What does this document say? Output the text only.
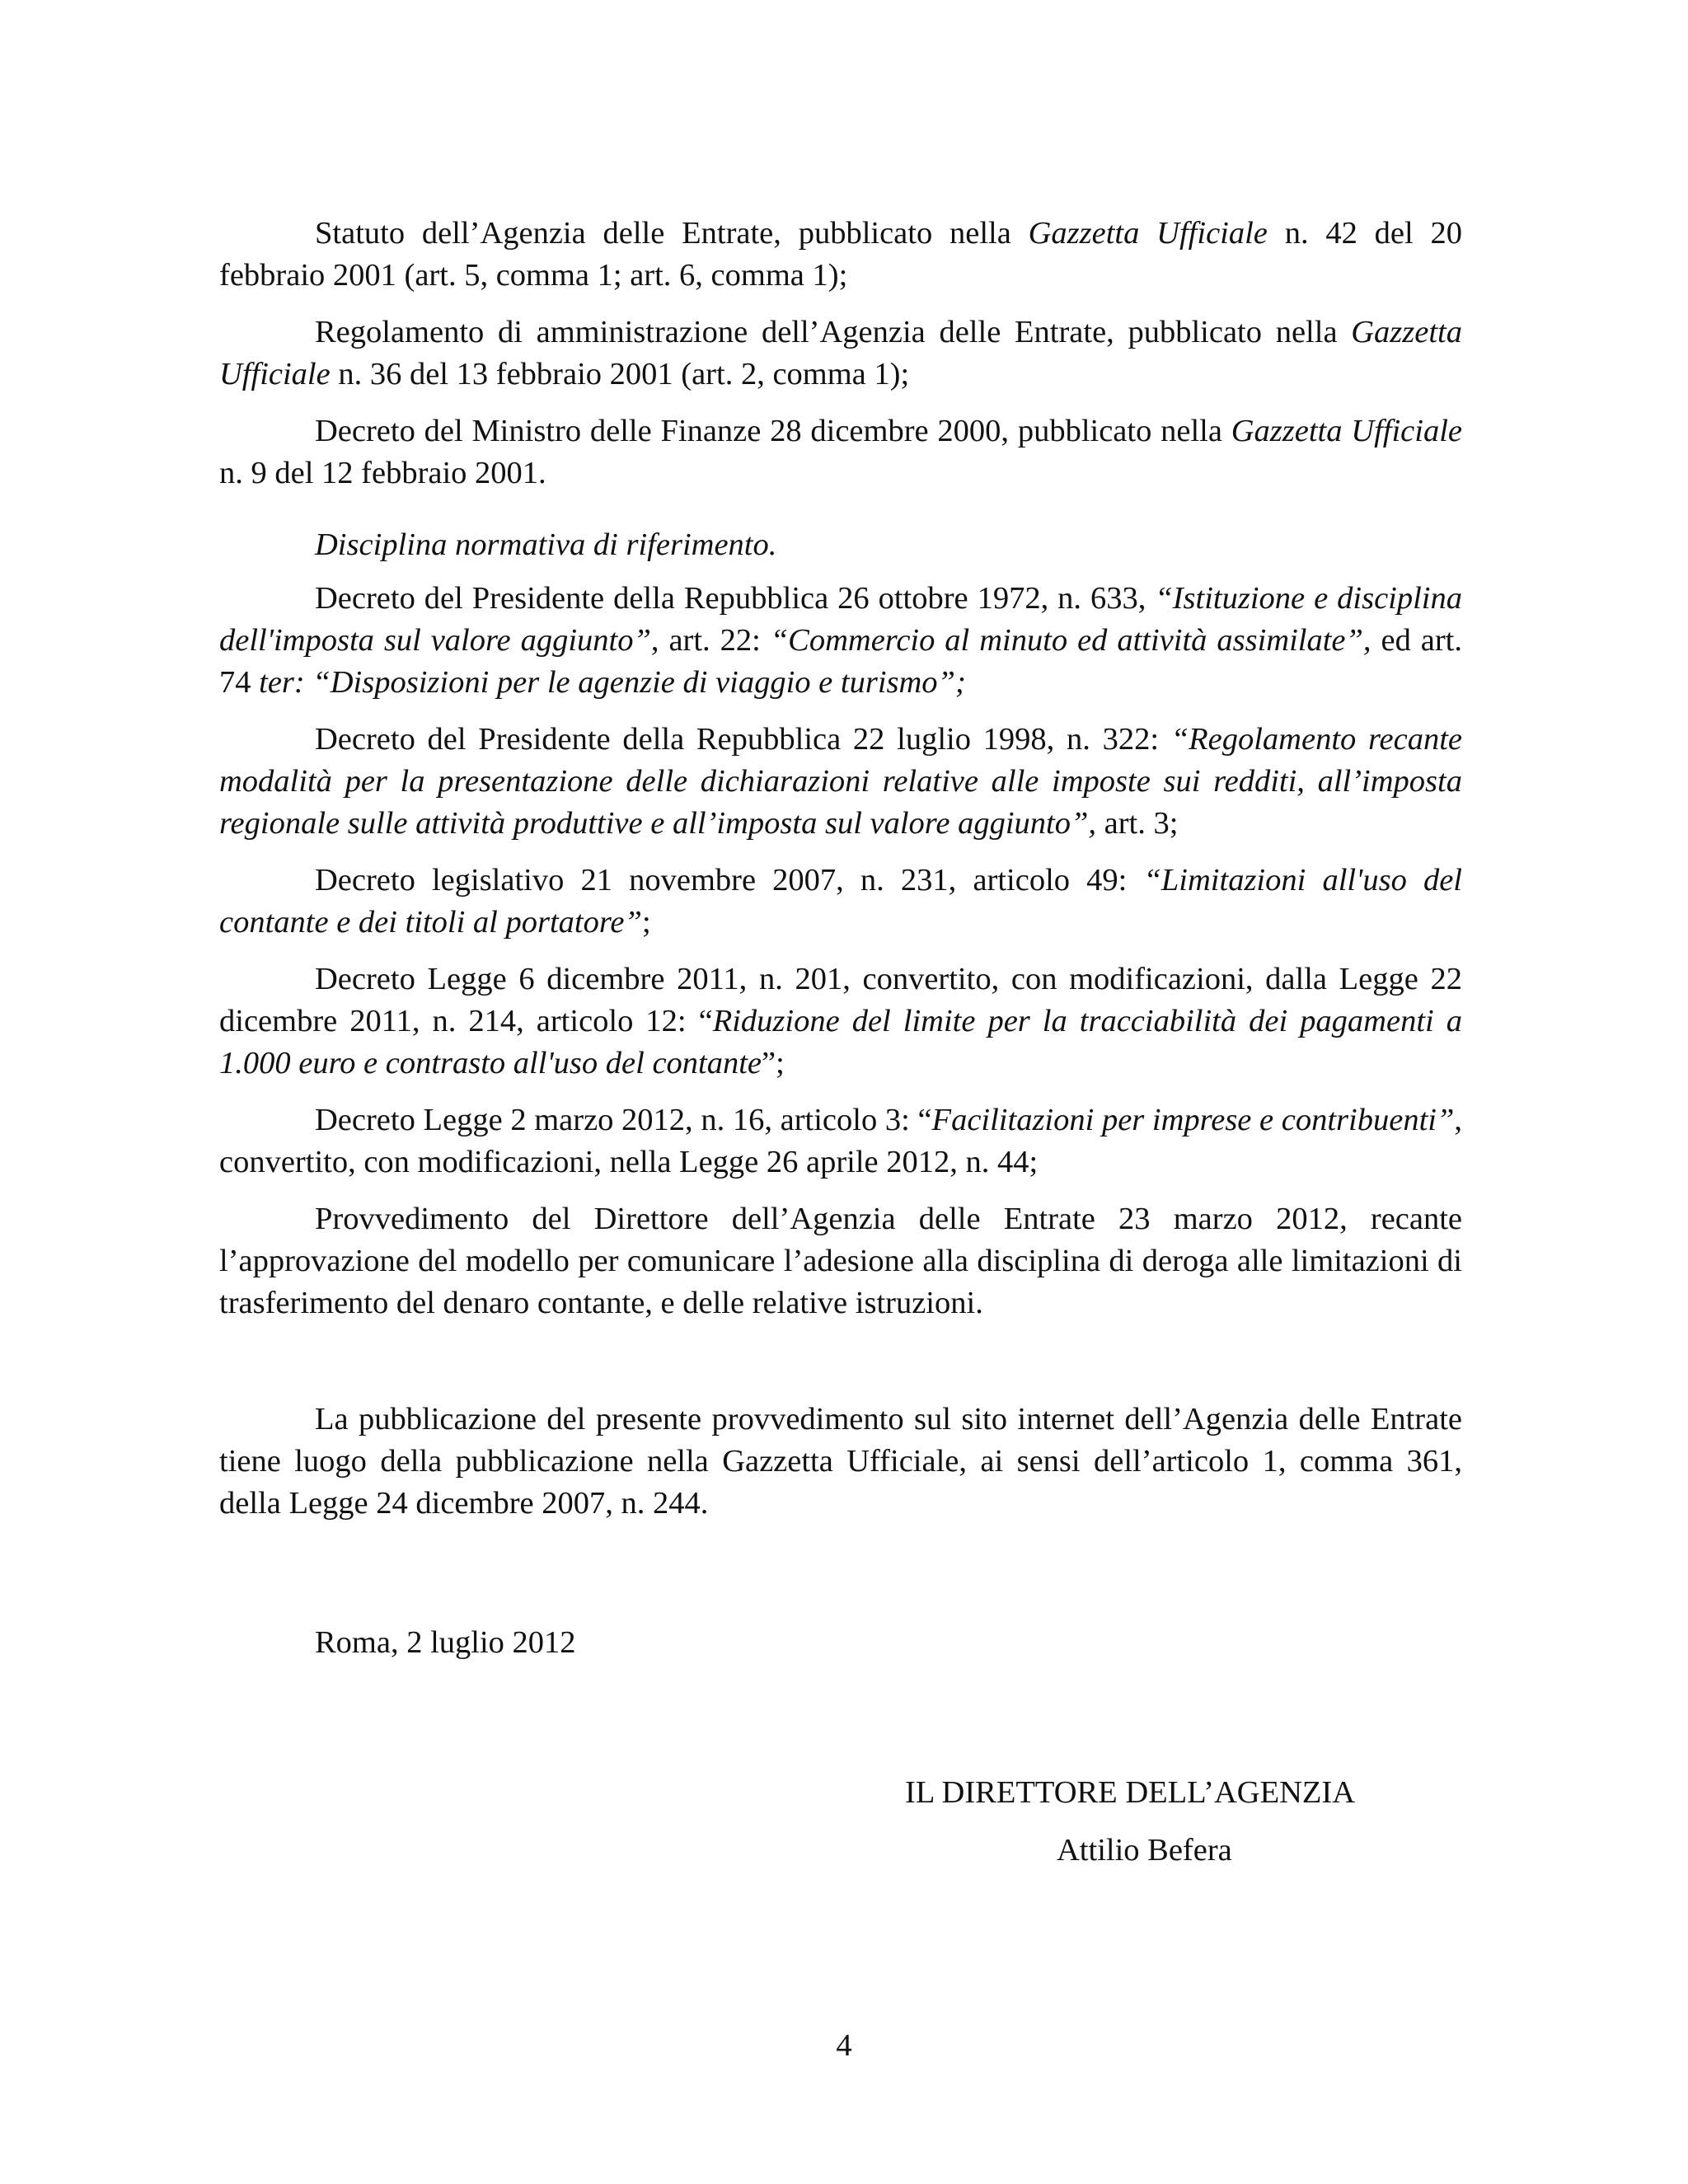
Statuto dell’Agenzia delle Entrate, pubblicato nella Gazzetta Ufficiale n. 42 del 20 febbraio 2001 (art. 5, comma 1; art. 6, comma 1);

Regolamento di amministrazione dell’Agenzia delle Entrate, pubblicato nella Gazzetta Ufficiale n. 36 del 13 febbraio 2001 (art. 2, comma 1);

Decreto del Ministro delle Finanze 28 dicembre 2000, pubblicato nella Gazzetta Ufficiale n. 9 del 12 febbraio 2001.

Disciplina normativa di riferimento.

Decreto del Presidente della Repubblica 26 ottobre 1972, n. 633, “Istituzione e disciplina dell'imposta sul valore aggiunto”, art. 22: “Commercio al minuto ed attività assimilate”, ed art. 74 ter: “Disposizioni per le agenzie di viaggio e turismo”;

Decreto del Presidente della Repubblica 22 luglio 1998, n. 322: “Regolamento recante modalità per la presentazione delle dichiarazioni relative alle imposte sui redditi, all’imposta regionale sulle attività produttive e all’imposta sul valore aggiunto”, art. 3;

Decreto legislativo 21 novembre 2007, n. 231, articolo 49: “Limitazioni all'uso del contante e dei titoli al portatore”;

Decreto Legge 6 dicembre 2011, n. 201, convertito, con modificazioni, dalla Legge 22 dicembre 2011, n. 214, articolo 12: “Riduzione del limite per la tracciabilità dei pagamenti a 1.000 euro e contrasto all'uso del contante”;

Decreto Legge 2 marzo 2012, n. 16, articolo 3: “Facilitazioni per imprese e contribuenti”, convertito, con modificazioni, nella Legge 26 aprile 2012, n. 44;

Provvedimento del Direttore dell’Agenzia delle Entrate 23 marzo 2012, recante l’approvazione del modello per comunicare l’adesione alla disciplina di deroga alle limitazioni di trasferimento del denaro contante, e delle relative istruzioni.

La pubblicazione del presente provvedimento sul sito internet dell’Agenzia delle Entrate tiene luogo della pubblicazione nella Gazzetta Ufficiale, ai sensi dell’articolo 1, comma 361, della Legge 24 dicembre 2007, n. 244.

Roma, 2 luglio 2012

IL DIRETTORE DELL’AGENZIA
Attilio Befera
4
